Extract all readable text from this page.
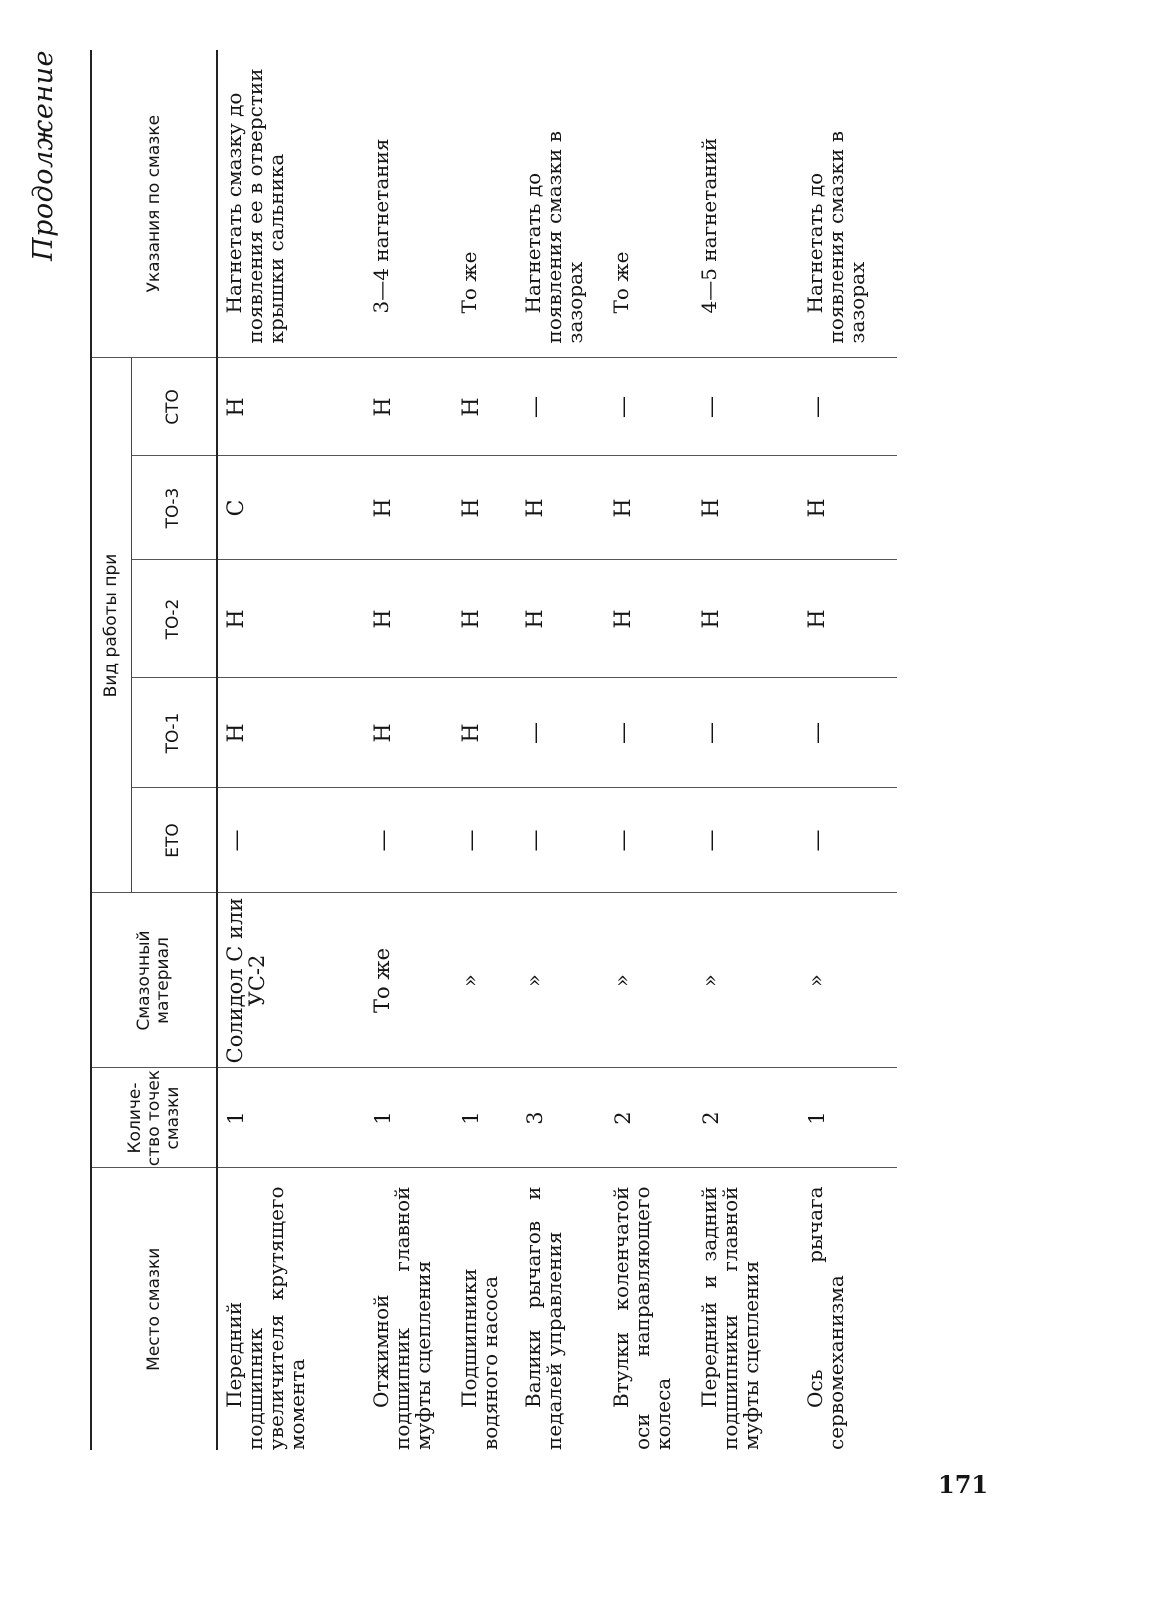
Продолжение
Место смазки	Количе-ство точек смазки	Смазочный материал	Вид работы при					Указания по смазке
			ЕТО	ТО-1	ТО-2	ТО-3	СТО	

Передний подшипник увеличителя крутящего момента	1	Солидол С или УС-2	—	Н	Н	С	Н	Нагнетать смазку до появления ее в отверстии крышки сальника

Отжимной подшипник главной муфты сцепления	1	То же	—	Н	Н	Н	Н	3—4 нагнетания

Подшипники водяного насоса	1	»	—	Н	Н	Н	Н	То же

Валики рычагов и педалей управления	3	»	—	—	Н	Н	—	Нагнетать до появления смазки в зазорах

Втулки коленчатой оси направляющего колеса	2	»	—	—	Н	Н	—	То же

Передний и задний подшипники главной муфты сцепления	2	»	—	—	Н	Н	—	4—5 нагнетаний

Ось рычага сервомеханизма	1	»	—	—	Н	Н	—	Нагнетать до появления смазки в зазорах
171
